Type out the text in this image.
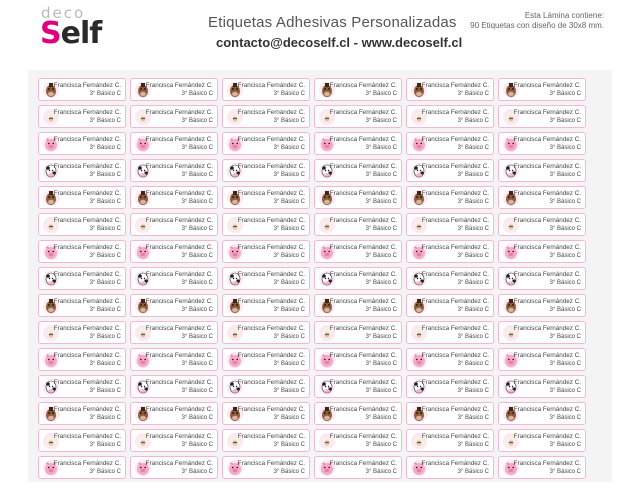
deco
Self	Etiquetas Adhesivas Personalizadas
contacto@decoself.cl - www.decoself.cl
Esta Lámina contiene:
90 Etiquetas con diseño de 30x8 mm.
Francisca Fernández C.
3° Básico C
Francisca Fernández C.
3° Básico C
Francisca Fernández C.
3° Básico C
Francisca Fernández C.
3° Básico C
Francisca Fernández C.
3° Básico C
Francisca Fernández C.
3° Básico C
Francisca Fernández C.
3° Básico C
Francisca Fernández C.
3° Básico C
Francisca Fernández C.
3° Básico C
Francisca Fernández C.
3° Básico C
Francisca Fernández C.
3° Básico C
Francisca Fernández C.
3° Básico C
Francisca Fernández C.
3° Básico C
Francisca Fernández C.
3° Básico C
Francisca Fernández C.
3° Básico C
Francisca Fernández C.
3° Básico C
Francisca Fernández C.
3° Básico C
Francisca Fernández C.
3° Básico C
Francisca Fernández C.
3° Básico C
Francisca Fernández C.
3° Básico C
Francisca Fernández C.
3° Básico C
Francisca Fernández C.
3° Básico C
Francisca Fernández C.
3° Básico C
Francisca Fernández C.
3° Básico C
Francisca Fernández C.
3° Básico C
Francisca Fernández C.
3° Básico C
Francisca Fernández C.
3° Básico C
Francisca Fernández C.
3° Básico C
Francisca Fernández C.
3° Básico C
Francisca Fernández C.
3° Básico C
Francisca Fernández C.
3° Básico C
Francisca Fernández C.
3° Básico C
Francisca Fernández C.
3° Básico C
Francisca Fernández C.
3° Básico C
Francisca Fernández C.
3° Básico C
Francisca Fernández C.
3° Básico C
Francisca Fernández C.
3° Básico C
Francisca Fernández C.
3° Básico C
Francisca Fernández C.
3° Básico C
Francisca Fernández C.
3° Básico C
Francisca Fernández C.
3° Básico C
Francisca Fernández C.
3° Básico C
Francisca Fernández C.
3° Básico C
Francisca Fernández C.
3° Básico C
Francisca Fernández C.
3° Básico C
Francisca Fernández C.
3° Básico C
Francisca Fernández C.
3° Básico C
Francisca Fernández C.
3° Básico C
Francisca Fernández C.
3° Básico C
Francisca Fernández C.
3° Básico C
Francisca Fernández C.
3° Básico C
Francisca Fernández C.
3° Básico C
Francisca Fernández C.
3° Básico C
Francisca Fernández C.
3° Básico C
Francisca Fernández C.
3° Básico C
Francisca Fernández C.
3° Básico C
Francisca Fernández C.
3° Básico C
Francisca Fernández C.
3° Básico C
Francisca Fernández C.
3° Básico C
Francisca Fernández C.
3° Básico C
Francisca Fernández C.
3° Básico C
Francisca Fernández C.
3° Básico C
Francisca Fernández C.
3° Básico C
Francisca Fernández C.
3° Básico C
Francisca Fernández C.
3° Básico C
Francisca Fernández C.
3° Básico C
Francisca Fernández C.
3° Básico C
Francisca Fernández C.
3° Básico C
Francisca Fernández C.
3° Básico C
Francisca Fernández C.
3° Básico C
Francisca Fernández C.
3° Básico C
Francisca Fernández C.
3° Básico C
Francisca Fernández C.
3° Básico C
Francisca Fernández C.
3° Básico C
Francisca Fernández C.
3° Básico C
Francisca Fernández C.
3° Básico C
Francisca Fernández C.
3° Básico C
Francisca Fernández C.
3° Básico C
Francisca Fernández C.
3° Básico C
Francisca Fernández C.
3° Básico C
Francisca Fernández C.
3° Básico C
Francisca Fernández C.
3° Básico C
Francisca Fernández C.
3° Básico C
Francisca Fernández C.
3° Básico C
Francisca Fernández C.
3° Básico C
Francisca Fernández C.
3° Básico C
Francisca Fernández C.
3° Básico C
Francisca Fernández C.
3° Básico C
Francisca Fernández C.
3° Básico C
Francisca Fernández C.
3° Básico C
